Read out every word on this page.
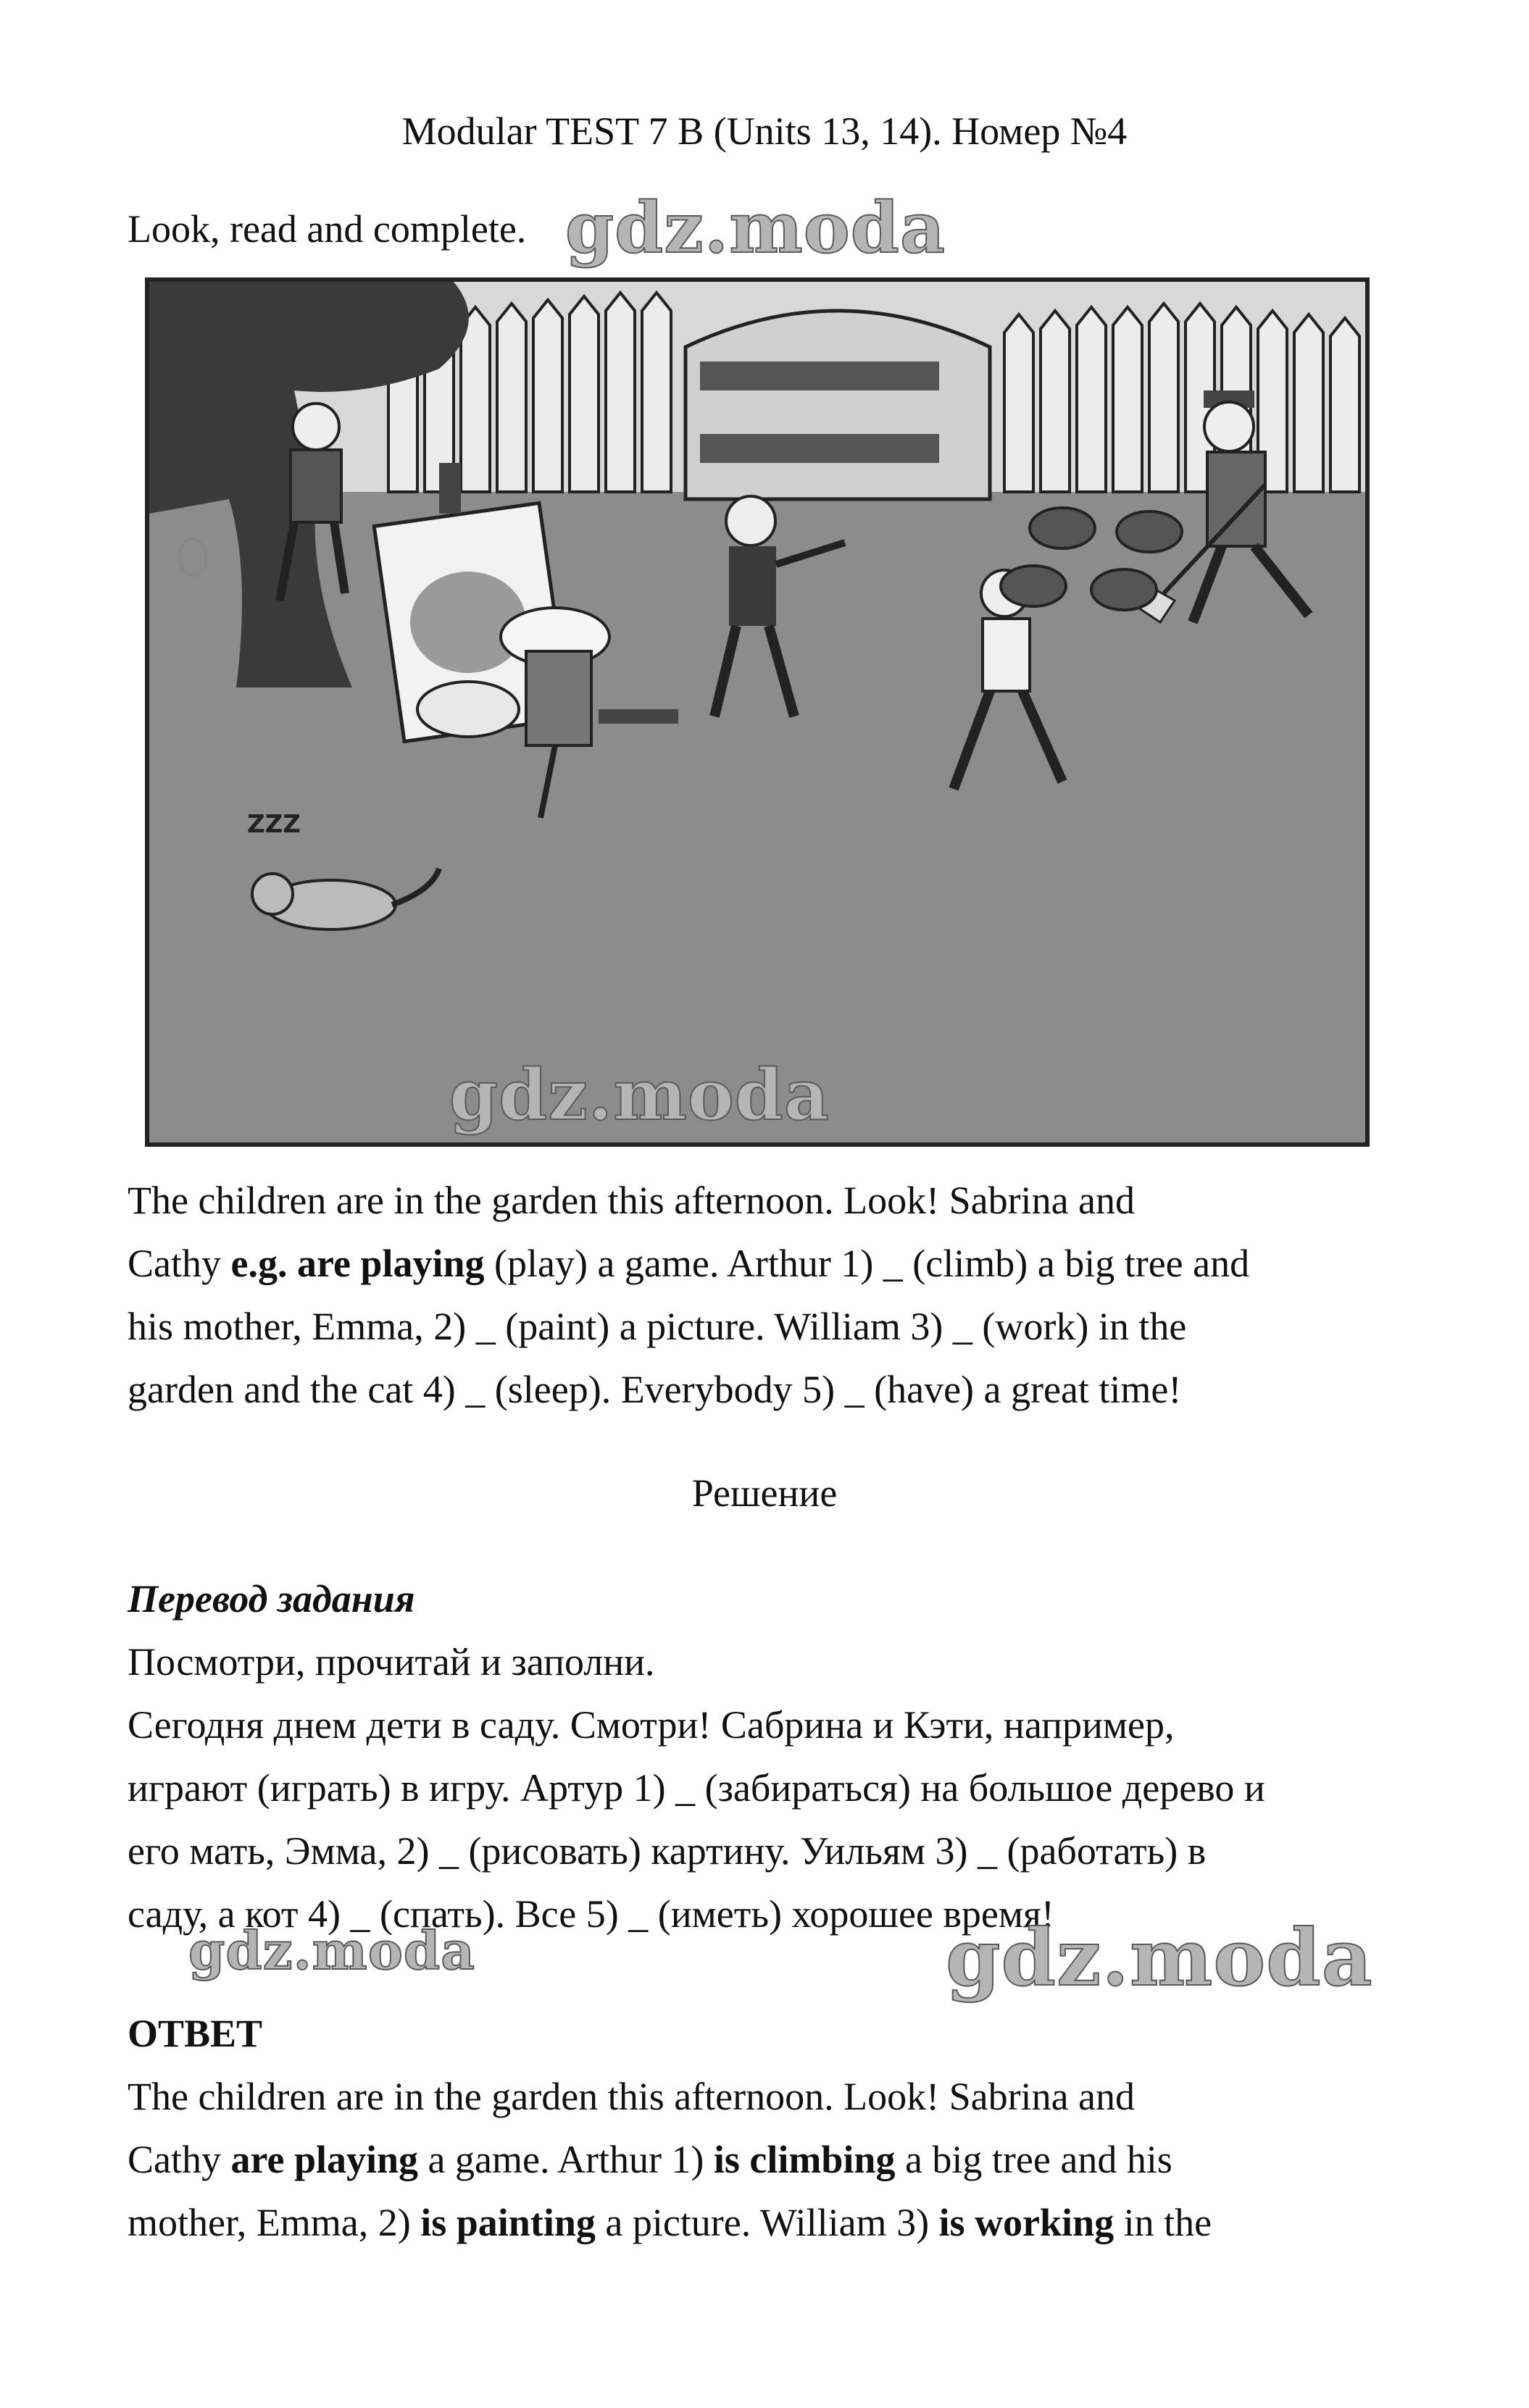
Modular TEST 7 B (Units 13, 14). Номер №4
Look, read and complete. gdz.moda
ZZZ
gdz.moda

The children are in the garden this afternoon. Look! Sabrina and

Cathy e.g. are playing (play) a game. Arthur 1) _ (climb) a big tree and

his mother, Emma, 2) _ (paint) a picture. William 3) _ (work) in the

garden and the cat 4) _ (sleep). Everybody 5) _ (have) a great time!

Решение

Перевод задания

Посмотри, прочитай и заполни.

Сегодня днем дети в саду. Смотри! Сабрина и Кэти, например,

играют (играть) в игру. Артур 1) _ (забираться) на большое дерево и

его мать, Эмма, 2) _ (рисовать) картину. Уильям 3) _ (работать) в

саду, а кот 4) _ (спать). Все 5) _ (иметь) хорошее время!

gdz.moda	gdz.moda

ОТВЕТ

The children are in the garden this afternoon. Look! Sabrina and

Cathy are playing a game. Arthur 1) is climbing a big tree and his

mother, Emma, 2) is painting a picture. William 3) is working in the
